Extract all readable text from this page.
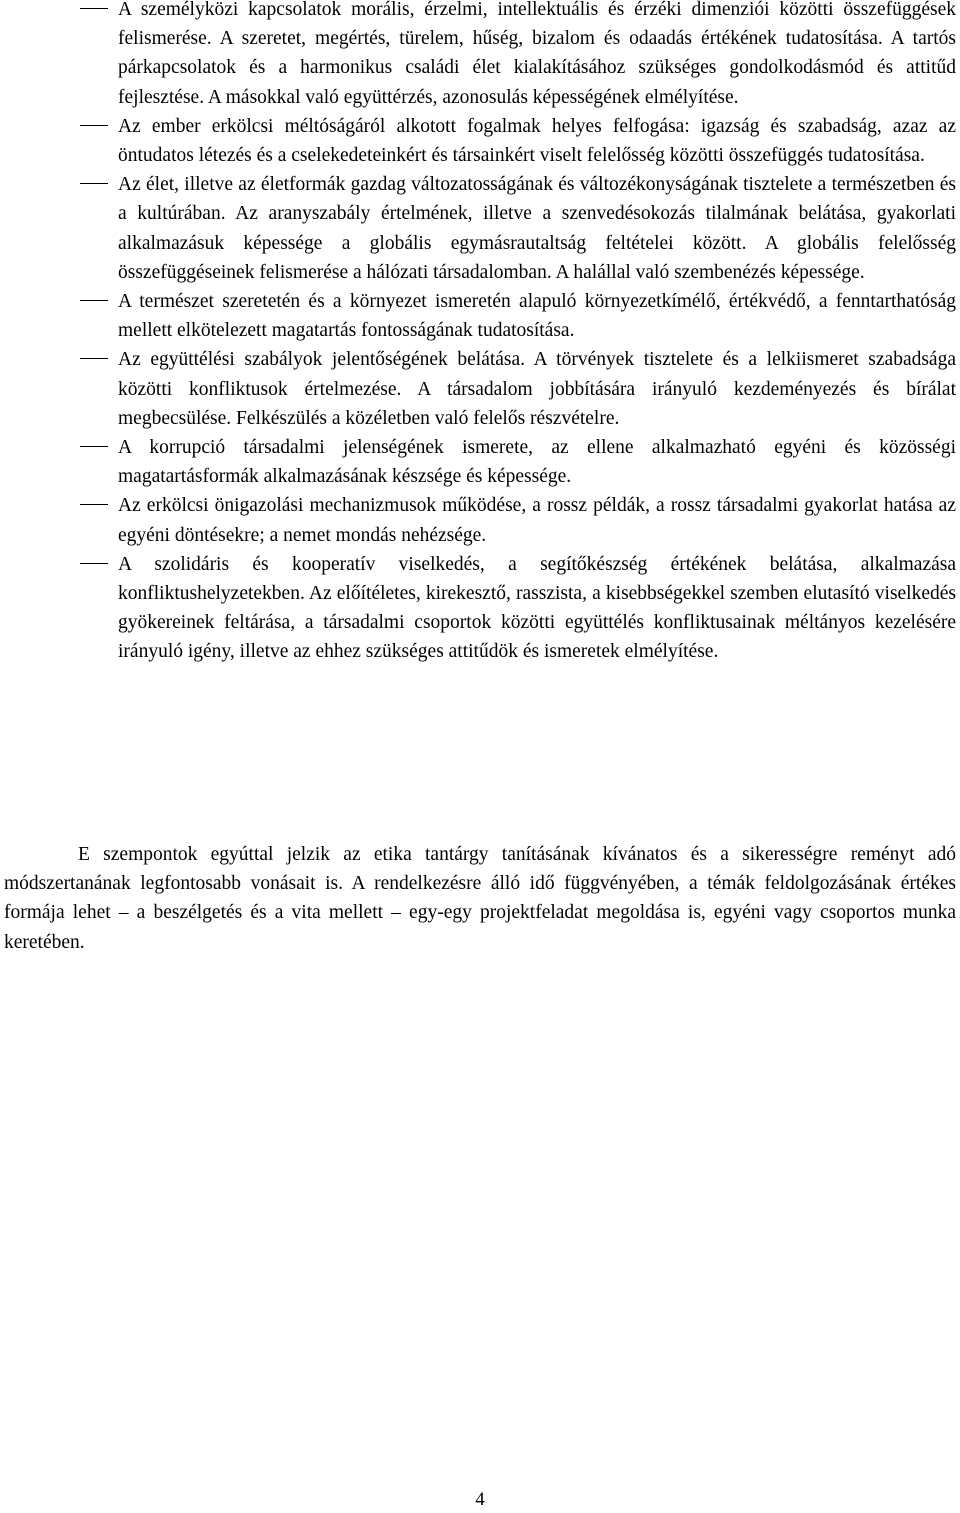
A személyközi kapcsolatok morális, érzelmi, intellektuális és érzéki dimenziói közötti összefüggések felismerése. A szeretet, megértés, türelem, hűség, bizalom és odaadás értékének tudatosítása. A tartós párkapcsolatok és a harmonikus családi élet kialakításához szükséges gondolkodásmód és attitűd fejlesztése. A másokkal való együttérzés, azonosulás képességének elmélyítése.
Az ember erkölcsi méltóságáról alkotott fogalmak helyes felfogása: igazság és szabadság, azaz az öntudatos létezés és a cselekedeteinkért és társainkért viselt felelősség közötti összefüggés tudatosítása.
Az élet, illetve az életformák gazdag változatosságának és változékonyságának tisztelete a természetben és a kultúrában. Az aranyszabály értelmének, illetve a szenvedésokozás tilalmának belátása, gyakorlati alkalmazásuk képessége a globális egymásrautaltság feltételei között. A globális felelősség összefüggéseinek felismerése a hálózati társadalomban. A halállal való szembenézés képessége.
A természet szeretetén és a környezet ismeretén alapuló környezetkímélő, értékvédő, a fenntarthatóság mellett elkötelezett magatartás fontosságának tudatosítása.
Az együttélési szabályok jelentőségének belátása. A törvények tisztelete és a lelkiismeret szabadsága közötti konfliktusok értelmezése. A társadalom jobbítására irányuló kezdeményezés és bírálat megbecsülése. Felkészülés a közéletben való felelős részvételre.
A korrupció társadalmi jelenségének ismerete, az ellene alkalmazható egyéni és közösségi magatartásformák alkalmazásának készsége és képessége.
Az erkölcsi önigazolási mechanizmusok működése, a rossz példák, a rossz társadalmi gyakorlat hatása az egyéni döntésekre; a nemet mondás nehézsége.
A szolidáris és kooperatív viselkedés, a segítőkészség értékének belátása, alkalmazása konfliktushelyzetekben. Az előítéletes, kirekesztő, rasszista, a kisebbségekkel szemben elutasító viselkedés gyökereinek feltárása, a társadalmi csoportok közötti együttélés konfliktusainak méltányos kezelésére irányuló igény, illetve az ehhez szükséges attitűdök és ismeretek elmélyítése.

E szempontok egyúttal jelzik az etika tantárgy tanításának kívánatos és a sikerességre reményt adó módszertanának legfontosabb vonásait is. A rendelkezésre álló idő függvényében, a témák feldolgozásának értékes formája lehet – a beszélgetés és a vita mellett – egy-egy projektfeladat megoldása is, egyéni vagy csoportos munka keretében.

4
